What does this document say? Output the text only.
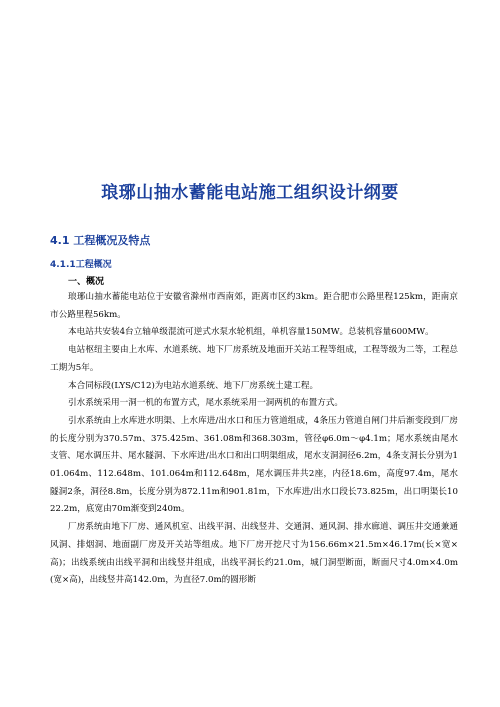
琅琊山抽水蓄能电站施工组织设计纲要
4.1 工程概况及特点
4.1.1工程概况
一、概况

琅琊山抽水蓄能电站位于安徽省滁州市西南郊，距离市区约3km。距合肥市公路里程125km，距南京市公路里程56km。

本电站共安装4台立轴单级混流可逆式水泵水轮机组，单机容量150MW。总装机容量600MW。

电站枢纽主要由上水库、水道系统、地下厂房系统及地面开关站工程等组成，工程等级为二等，工程总工期为5年。

本合同标段(LYS/C12)为电站水道系统、地下厂房系统土建工程。

引水系统采用一洞一机的布置方式，尾水系统采用一洞两机的布置方式。

引水系统由上水库进水明渠、上水库进/出水口和压力管道组成，4条压力管道自闸门井后渐变段到厂房的长度分别为370.57m、375.425m、361.08m和368.303m，管径φ6.0m～φ4.1m；尾水系统由尾水支管、尾水调压井、尾水隧洞、下水库进/出水口和出口明渠组成，尾水支洞洞径6.2m，4条支洞长分别为101.064m、112.648m、101.064m和112.648m，尾水调压井共2座，内径18.6m，高度97.4m，尾水隧洞2条，洞径8.8m，长度分别为872.11m和901.81m，下水库进/出水口段长73.825m，出口明渠长1022.2m，底宽由70m渐变到240m。

厂房系统由地下厂房、通风机室、出线平洞、出线竖井、交通洞、通风洞、排水廊道、调压井交通兼通风洞、排烟洞、地面副厂房及开关站等组成。地下厂房开挖尺寸为156.66m×21.5m×46.17m(长×宽×高)；出线系统由出线平洞和出线竖井组成，出线平洞长约21.0m，城门洞型断面，断面尺寸4.0m×4.0m(宽×高)，出线竖井高142.0m，为直径7.0m的圆形断
